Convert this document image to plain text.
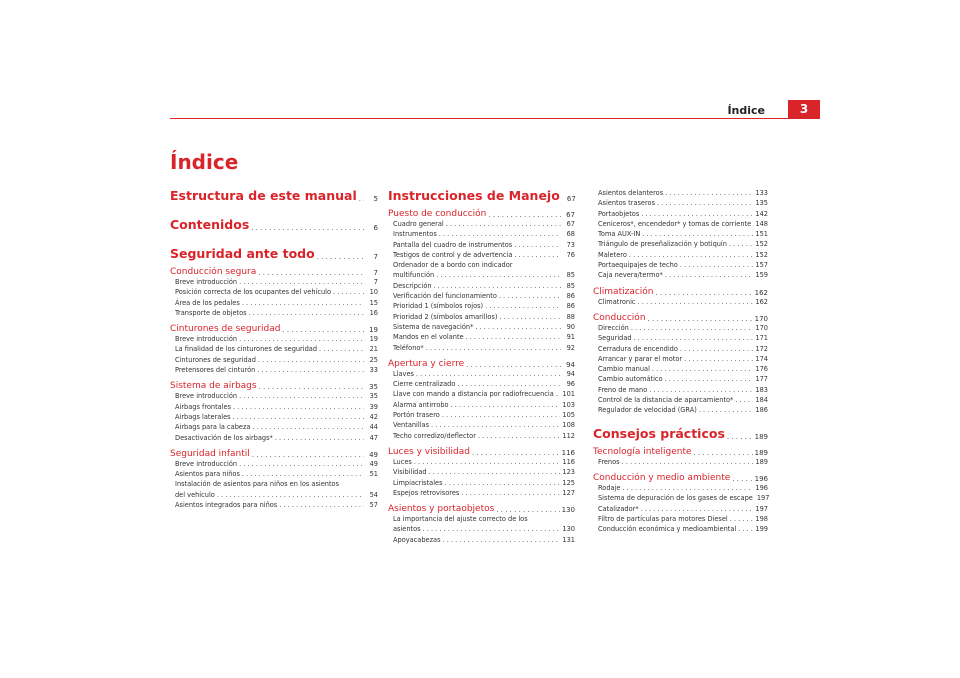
Índice	3
Índice
Estructura de este manual . . .	5
Contenidos . . .	6
Seguridad ante todo . . .	7
Conducción segura . . .	7
Breve introducción . . .	7
Posición correcta de los ocupantes del vehículo . . .	10
Área de los pedales . . .	15
Transporte de objetos . . .	16
Cinturones de seguridad . . .	19
Breve introducción . . .	19
La finalidad de los cinturones de seguridad . . .	21
Cinturones de seguridad . . .	25
Pretensores del cinturón . . .	33
Sistema de airbags . . .	35
Breve introducción . . .	35
Airbags frontales . . .	39
Airbags laterales . . .	42
Airbags para la cabeza . . .	44
Desactivación de los airbags* . . .	47
Seguridad infantil . . .	49
Breve introducción . . .	49
Asientos para niños . . .	51
Instalación de asientos para niños en los asientos
del vehículo . . .	54
Asientos integrados para niños . . .	57
Instrucciones de Manejo	67
Puesto de conducción . . .	67
Cuadro general . . .	67
Instrumentos . . .	68
Pantalla del cuadro de instrumentos . . .	73
Testigos de control y de advertencia . . .	76
Ordenador de a bordo con indicador
multifunción . . .	85
Descripción . . .	85
Verificación del funcionamiento . . .	86
Prioridad 1 (símbolos rojos) . . .	86
Prioridad 2 (símbolos amarillos) . . .	88
Sistema de navegación* . . .	90
Mandos en el volante . . .	91
Teléfono* . . .	92
Apertura y cierre . . .	94
Llaves . . .	94
Cierre centralizado . . .	96
Llave con mando a distancia por radiofrecuencia . . . 101
Alarma antirrobo . . .	103
Portón trasero . . .	105
Ventanillas . . .	108
Techo corredizo/deflector . . .	112
Luces y visibilidad . . .	116
Luces . . .	116
Visibilidad . . .	123
Limpiacristales . . .	125
Espejos retrovisores . . .	127
Asientos y portaobjetos . . .	130
La importancia del ajuste correcto de los
asientos . . .	130
Apoyacabezas . . .	131
Asientos delanteros . . .	133
Asientos traseros . . .	135
Portaobjetos . . .	142
Ceniceros*, encendedor* y tomas de corriente . . . 148
Toma AUX-IN . . .	151
Triángulo de preseñalización y botiquín . . .	152
Maletero . . .	152
Portaequipajes de techo . . .	157
Caja nevera/termo* . . .	159
Climatización . . .	162
Climatronic . . .	162
Conducción . . .	170
Dirección . . .	170
Seguridad . . .	171
Cerradura de encendido . . .	172
Arrancar y parar el motor . . .	174
Cambio manual . . .	176
Cambio automático . . .	177
Freno de mano . . .	183
Control de la distancia de aparcamiento* . . .	184
Regulador de velocidad (GRA) . . .	186
Consejos prácticos . . .	189
Tecnología inteligente . . .	189
Frenos . . .	189
Conducción y medio ambiente . . .	196
Rodaje . . .	196
Sistema de depuración de los gases de escape 197
Catalizador* . . .	197
Filtro de partículas para motores Diesel . . .	198
Conducción económica y medioambiental . . .	199
